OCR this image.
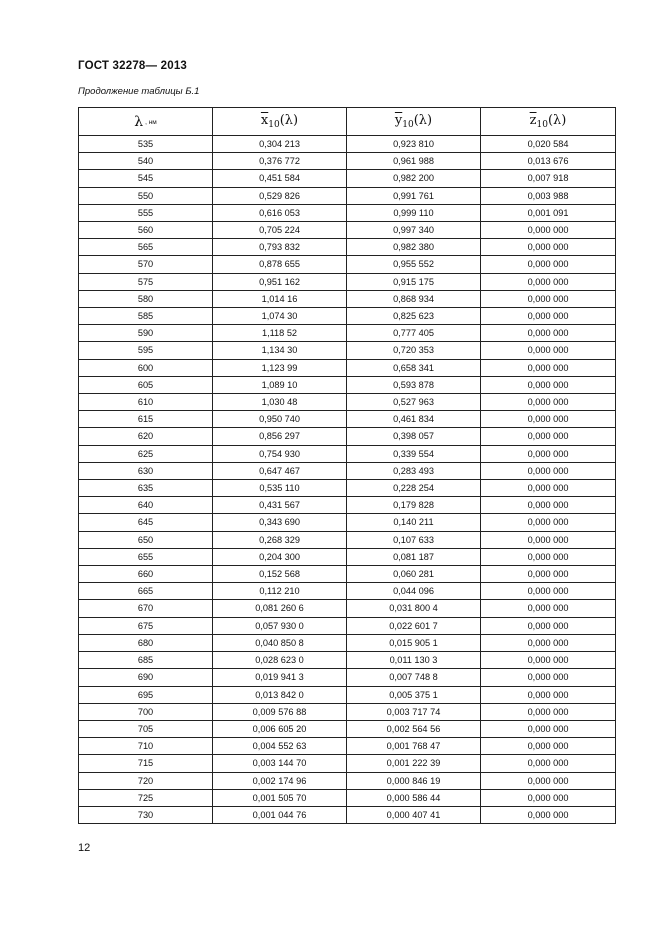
ГОСТ 32278— 2013
Продолжение таблицы Б.1
λ , нм	$\overline{x}_{10}(\lambda)$	$\overline{y}_{10}(\lambda)$	$\overline{z}_{10}(\lambda)$
535	0,304 213	0,923 810	0,020 584
540	0,376 772	0,961 988	0,013 676
545	0,451 584	0,982 200	0,007 918
550	0,529 826	0,991 761	0,003 988
555	0,616 053	0,999 110	0,001 091
560	0,705 224	0,997 340	0,000 000
565	0,793 832	0,982 380	0,000 000
570	0,878 655	0,955 552	0,000 000
575	0,951 162	0,915 175	0,000 000
580	1,014 16	0,868 934	0,000 000
585	1,074 30	0,825 623	0,000 000
590	1,118 52	0,777 405	0,000 000
595	1,134 30	0,720 353	0,000 000
600	1,123 99	0,658 341	0,000 000
605	1,089 10	0,593 878	0,000 000
610	1,030 48	0,527 963	0,000 000
615	0,950 740	0,461 834	0,000 000
620	0,856 297	0,398 057	0,000 000
625	0,754 930	0,339 554	0,000 000
630	0,647 467	0,283 493	0,000 000
635	0,535 110	0,228 254	0,000 000
640	0,431 567	0,179 828	0,000 000
645	0,343 690	0,140 211	0,000 000
650	0,268 329	0,107 633	0,000 000
655	0,204 300	0,081 187	0,000 000
660	0,152 568	0,060 281	0,000 000
665	0,112 210	0,044 096	0,000 000
670	0,081 260 6	0,031 800 4	0,000 000
675	0,057 930 0	0,022 601 7	0,000 000
680	0,040 850 8	0,015 905 1	0,000 000
685	0,028 623 0	0,011 130 3	0,000 000
690	0,019 941 3	0,007 748 8	0,000 000
695	0,013 842 0	0,005 375 1	0,000 000
700	0,009 576 88	0,003 717 74	0,000 000
705	0,006 605 20	0,002 564 56	0,000 000
710	0,004 552 63	0,001 768 47	0,000 000
715	0,003 144 70	0,001 222 39	0,000 000
720	0,002 174 96	0,000 846 19	0,000 000
725	0,001 505 70	0,000 586 44	0,000 000
730	0,001 044 76	0,000 407 41	0,000 000
12
